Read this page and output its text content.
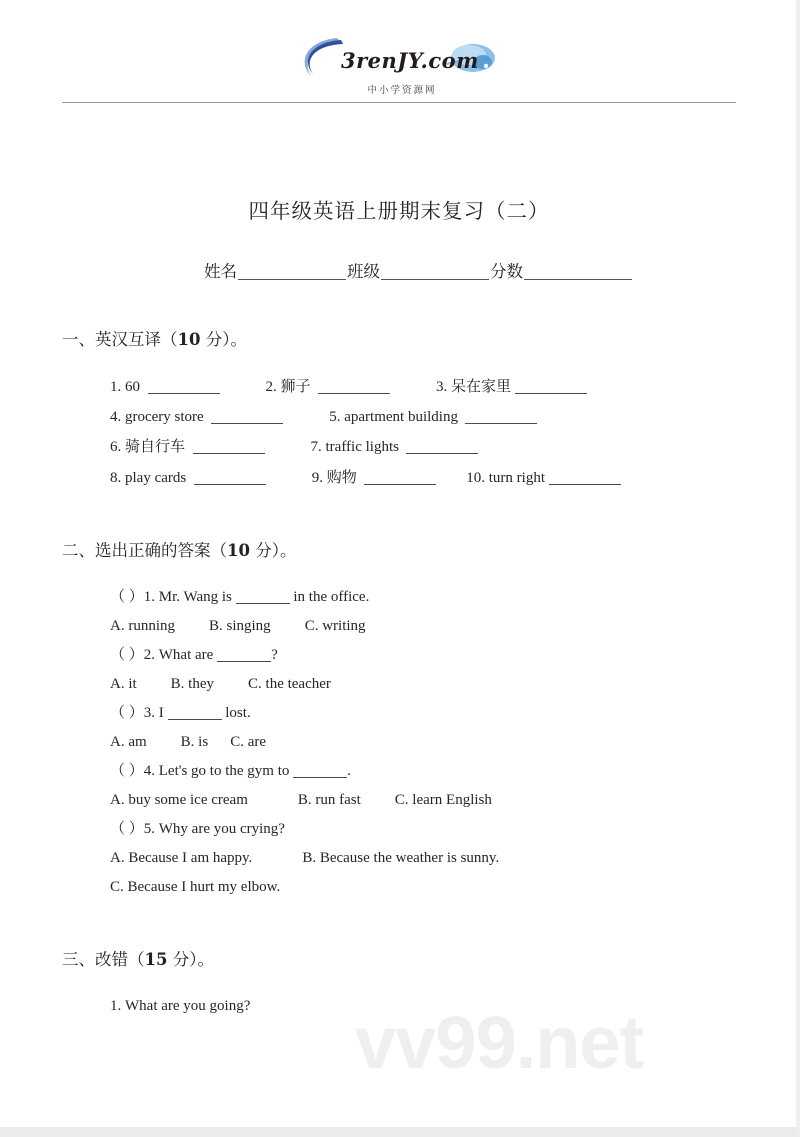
vv99.net
3renJY.com
中小学资源网
四年级英语上册期末复习（二）
姓名	班级	分数
一、英汉互译（10 分）。
1. 60	2. 狮子	3. 呆在家里
4. grocery store	5. apartment building
6. 骑自行车	7. traffic lights
8. play cards	9. 购物	10. turn right
二、选出正确的答案（10 分）。
（ ）1. Mr. Wang is	in the office.
A. running B. singing C. writing
（ ）2. What are	?
A. it B. they C. the teacher
（ ）3. I	lost.
A. am B. is C. are
（ ）4. Let's go to the gym to	.
A. buy some ice cream	B. run fast C. learn English
（ ）5. Why are you crying?
A. Because I am happy.	B. Because the weather is sunny.
C. Because I hurt my elbow.
三、改错（15 分）。
1. What are you going?
